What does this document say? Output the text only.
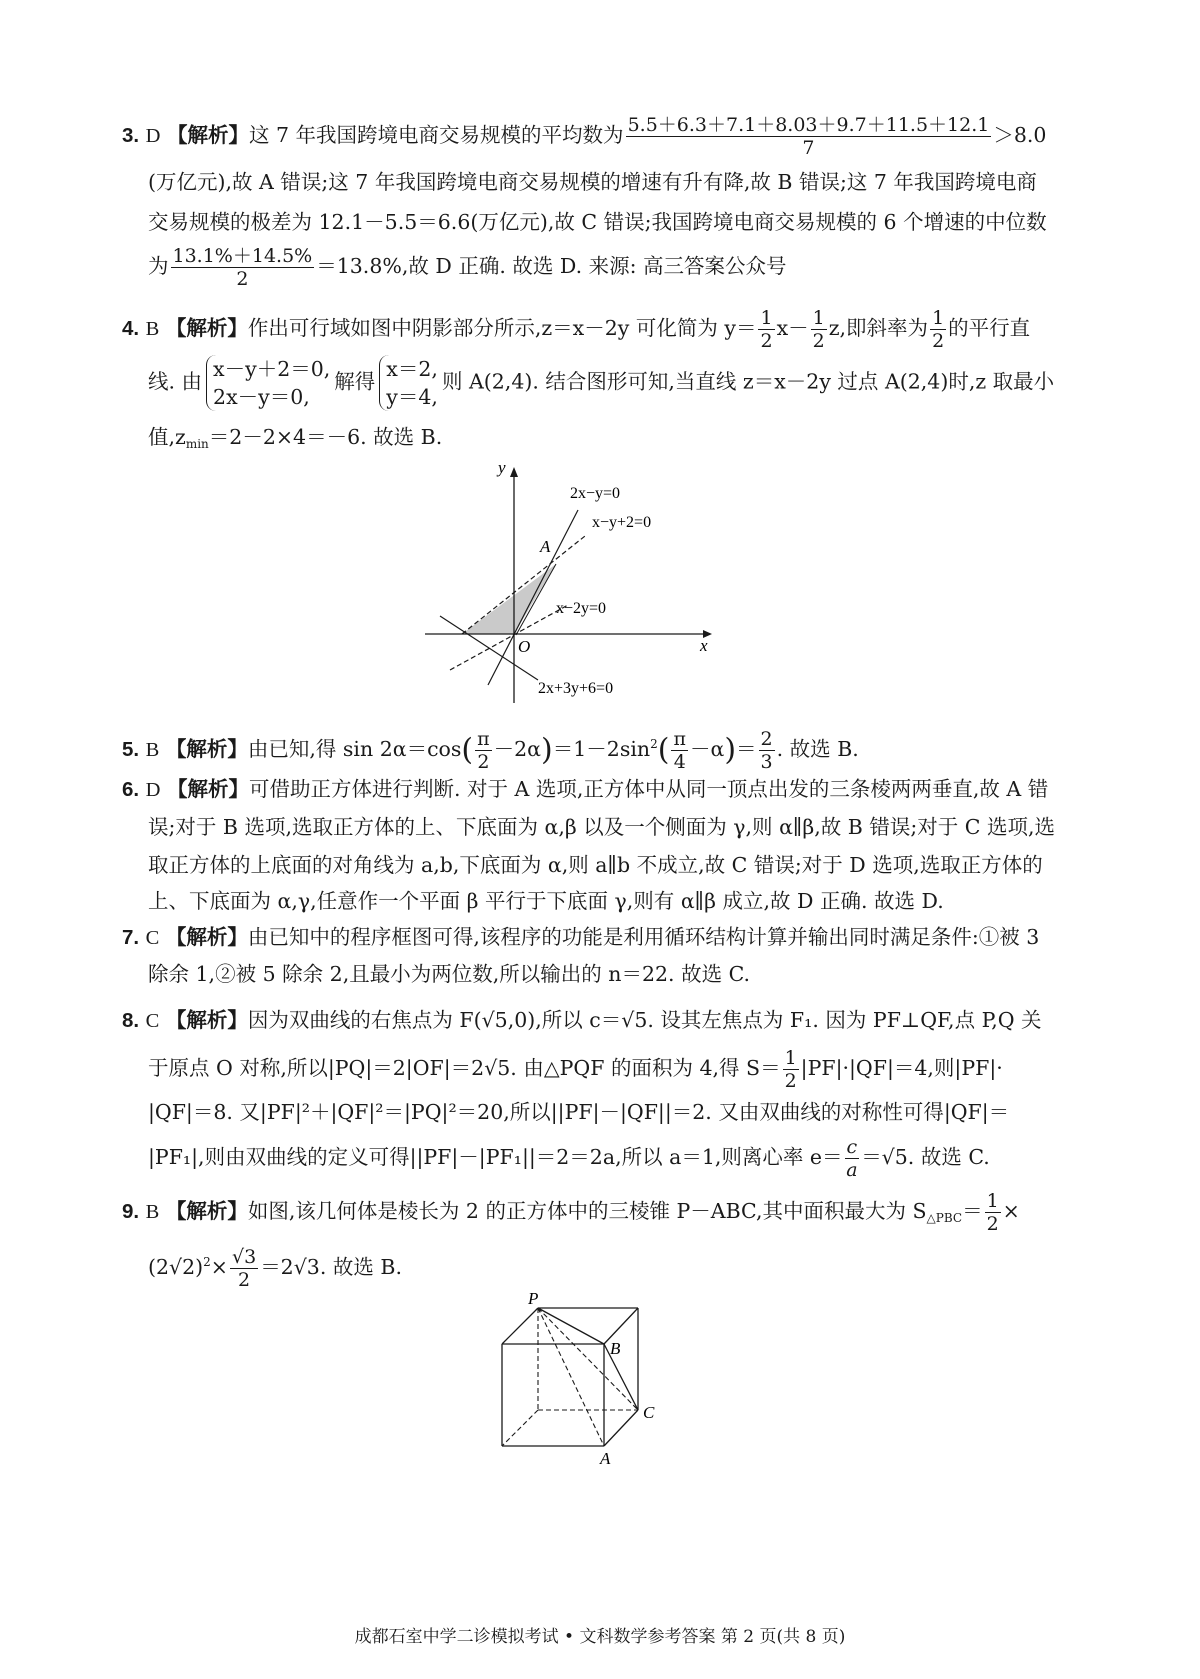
3. D 【解析】这 7 年我国跨境电商交易规模的平均数为 $\frac{5.5+6.3+7.1+8.03+9.7+11.5+12.1}{7} >8.0$
(万亿元),故 A 错误;这 7 年我国跨境电商交易规模的增速有升有降,故 B 错误;这 7 年我国跨境电商
交易规模的极差为 12.1－5.5＝6.6(万亿元),故 C 错误;我国跨境电商交易规模的 6 个增速的中位数
为 $\frac{13.1\%+14.5\%}{2} =13.8\%$,故 D 正确. 故选 D. 来源: 高三答案公众号
4. B 【解析】作出可行域如图中阴影部分所示,z＝x－2y 可化简为 $y= \frac{1}{2} x- \frac{1}{2} z$,即斜率为 $\frac{1}{2}$ 的平行直
线. 由
x－y＋2＝0,
2x－y＝0,
解得
x＝2,
y＝4,
则 A(2,4). 结合图形可知,当直线 z＝x－2y 过点 A(2,4)时,z 取最小
值$,z_{min}=2-2\times 4=-6$. 故选 B.
y
x
O
A
2x−y=0
x−y+2=0
x−2y=0
2x+3y+6=0
5. B 【解析】由已知,得 $\sin 2\alpha=\cos( \frac{\pi}{2} -2\alpha)=1-2\sin^2( \frac{\pi}{4} -\alpha)= \frac{2}{3}$ . 故选 B.
6. D 【解析】可借助正方体进行判断. 对于 A 选项,正方体中从同一顶点出发的三条棱两两垂直,故 A 错
误;对于 B 选项,选取正方体的上、下底面为 α,β 以及一个侧面为 γ,则 α∥β,故 B 错误;对于 C 选项,选
取正方体的上底面的对角线为 a,b,下底面为 α,则 a∥b 不成立,故 C 错误;对于 D 选项,选取正方体的
上、下底面为 α,γ,任意作一个平面 β 平行于下底面 γ,则有 α∥β 成立,故 D 正确. 故选 D.
7. C 【解析】由已知中的程序框图可得,该程序的功能是利用循环结构计算并输出同时满足条件:①被 3
除余 1,②被 5 除余 2,且最小为两位数,所以输出的 n＝22. 故选 C.
8. C 【解析】因为双曲线的右焦点为 F(√5,0),所以 c＝√5. 设其左焦点为 F₁. 因为 PF⊥QF,点 P,Q 关
于原点 O 对称,所以|PQ|＝2|OF|＝2√5. 由△PQF 的面积为 4,得 $S= \frac{1}{2} |PF|\cdot|QF|=4$,则|PF|·
|QF|＝8. 又|PF|²＋|QF|²＝|PQ|²＝20,所以||PF|－|QF||＝2. 又由双曲线的对称性可得|QF|＝
|PF₁|,则由双曲线的定义可得||PF|－|PF₁||＝2＝2a,所以 a＝1,则离心率 $e= \frac{c}{a} =√5$. 故选 C.
9. B 【解析】如图,该几何体是棱长为 2 的正方体中的三棱锥 P－ABC,其中面积最大为 $S_{\triangle PBC}= \frac{1}{2}$ ×
$(2√2)^2\times \frac{√3}{2} =2√3$. 故选 B.
P
B
C
A
成都石室中学二诊模拟考试 • 文科数学参考答案 第 2 页(共 8 页)
